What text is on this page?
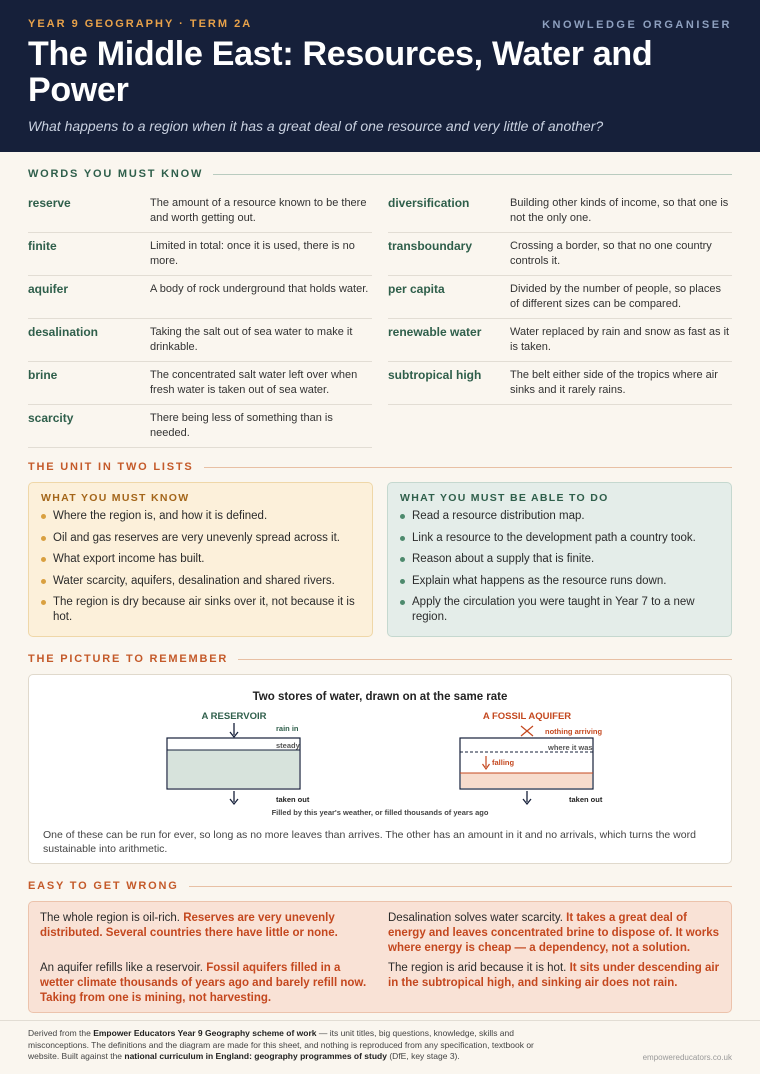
YEAR 9 GEOGRAPHY · TERM 2A	KNOWLEDGE ORGANISER
The Middle East: Resources, Water and Power
What happens to a region when it has a great deal of one resource and very little of another?
WORDS YOU MUST KNOW
reserve	The amount of a resource known to be there and worth getting out.
finite	Limited in total: once it is used, there is no more.
aquifer	A body of rock underground that holds water.
desalination	Taking the salt out of sea water to make it drinkable.
brine	The concentrated salt water left over when fresh water is taken out of sea water.
scarcity	There being less of something than is needed.
diversification	Building other kinds of income, so that one is not the only one.
transboundary	Crossing a border, so that no one country controls it.
per capita	Divided by the number of people, so places of different sizes can be compared.
renewable water	Water replaced by rain and snow as fast as it is taken.
subtropical high	The belt either side of the tropics where air sinks and it rarely rains.
THE UNIT IN TWO LISTS
WHAT YOU MUST KNOW
Where the region is, and how it is defined.
Oil and gas reserves are very unevenly spread across it.
What export income has built.
Water scarcity, aquifers, desalination and shared rivers.
The region is dry because air sinks over it, not because it is hot.
WHAT YOU MUST BE ABLE TO DO
Read a resource distribution map.
Link a resource to the development path a country took.
Reason about a supply that is finite.
Explain what happens as the resource runs down.
Apply the circulation you were taught in Year 7 to a new region.
THE PICTURE TO REMEMBER
Two stores of water, drawn on at the same rate
A RESERVOIR
rain in
steady
taken out
A FOSSIL AQUIFER
nothing arriving
where it was
falling
taken out
Filled by this year's weather, or filled thousands of years ago
One of these can be run for ever, so long as no more leaves than arrives. The other has an amount in it and no arrivals, which turns the word sustainable into arithmetic.
EASY TO GET WRONG
The whole region is oil-rich. Reserves are very unevenly distributed. Several countries there have little or none.
Desalination solves water scarcity. It takes a great deal of energy and leaves concentrated brine to dispose of. It works where energy is cheap — a dependency, not a solution.
An aquifer refills like a reservoir. Fossil aquifers filled in a wetter climate thousands of years ago and barely refill now. Taking from one is mining, not harvesting.
The region is arid because it is hot. It sits under descending air in the subtropical high, and sinking air does not rain.
Derived from the Empower Educators Year 9 Geography scheme of work — its unit titles, big questions, knowledge, skills and misconceptions. The definitions and the diagram are made for this sheet, and nothing is reproduced from any specification, textbook or website. Built against the national curriculum in England: geography programmes of study (DfE, key stage 3).	empowereducators.co.uk
